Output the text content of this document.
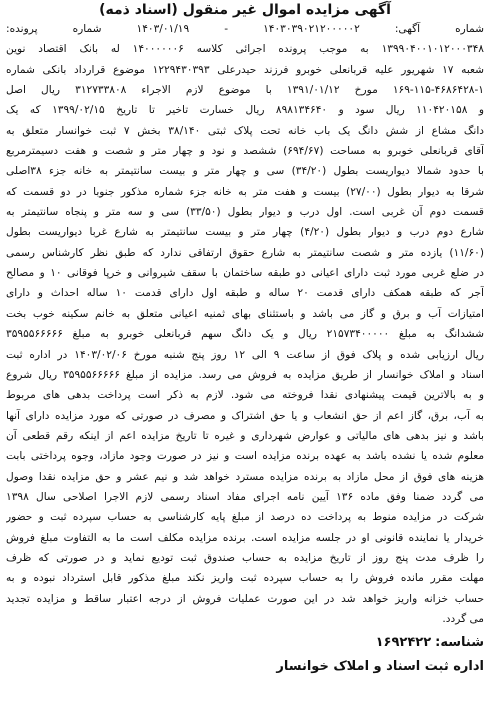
آگهی مزایده اموال غیر منقول (اسناد ذمه)
شماره آگهی: ۱۴۰۳۰۳۹۰۲۱۲۰۰۰۰۰۲ - ۱۴۰۳/۰۱/۱۹ شماره پرونده:
۱۳۹۹۰۴۰۰۱۰۱۲۰۰۰۳۴۸ به موجب پرونده اجرائی کلاسه ۱۴۰۰۰۰۰۰۶ له بانک اقتصاد نوین
شعبه ۱۷ شهریور علیه قربانعلی خوبرو فرزند حیدرعلی ۱۲۲۹۴۳۰۳۹۳ موضوع قرارداد بانکی شماره
۱۶۹-۱۱۵-۴۶۸۶۴۲۸-۱ مورخ ۱۳۹۱/۰۱/۱۲ با موضوع لازم الاجراء ۳۱۲۷۳۳۸۰۸ ریال اصل
و ۱۱۰۴۲۰۱۵۸ ریال سود و ۸۹۸۱۳۴۶۴۰ ریال خسارت تاخیر تا تاریخ ۱۳۹۹/۰۲/۱۵ که یک
دانگ مشاع از شش دانگ یک باب خانه تحت پلاک ثبتی ۳۸/۱۴۰ بخش ۷ ثبت خوانسار متعلق به
آقای قربانعلی خوبرو به مساحت (۶۹۴/۶۷) ششصد و نود و چهار متر و شصت و هفت دسیمترمربع
با حدود شمالا دیواریست بطول (۳۴/۲۰) سی و چهار متر و بیست سانتیمتر به خانه جزء ۳۸اصلی
شرقا به دیوار بطول (۲۷/۰۰) بیست و هفت متر به خانه جزء شماره مذکور جنوبا در دو قسمت که
قسمت دوم آن غربی است. اول درب و دیوار بطول (۳۳/۵۰) سی و سه متر و پنجاه سانتیمتر به
شارع دوم درب و دیوار بطول (۴/۲۰) چهار متر و بیست سانتیمتر به شارع غربا دیواریست بطول
(۱۱/۶۰) یازده متر و شصت سانتیمتر به شارع حقوق ارتفاقی ندارد که طبق نظر کارشناس رسمی
در ضلع غربی مورد ثبت دارای اعیانی دو طبقه ساختمان با سقف شیروانی و خرپا فوقانی ۱۰ و مصالح
آجر که طبقه همکف دارای قدمت ۲۰ ساله و طبقه اول دارای قدمت ۱۰ ساله احداث و دارای
امتیازات آب و برق و گاز می باشد و باستثنای بهای ثمنیه اعیانی متعلق به خانم سکینه خوب بخت
ششدانگ به مبلغ ۲۱۵۷۳۴۰۰۰۰۰ ریال و یک دانگ سهم قربانعلی خوبرو به مبلغ ۳۵۹۵۵۶۶۶۶۶
ریال ارزیابی شده و پلاک فوق از ساعت ۹ الی ۱۲ روز پنج شنبه مورخ ۱۴۰۳/۰۲/۰۶ در اداره ثبت
اسناد و املاک خوانسار از طریق مزایده به فروش می رسد. مزایده از مبلغ ۳۵۹۵۵۶۶۶۶۶ ریال شروع
و به بالاترین قیمت پیشنهادی نقدا فروخته می شود. لازم به ذکر است پرداخت بدهی های مربوط
به آب، برق، گاز اعم از حق انشعاب و یا حق اشتراک و مصرف در صورتی که مورد مزایده دارای آنها
باشد و نیز بدهی های مالیاتی و عوارض شهرداری و غیره تا تاریخ مزایده اعم از اینکه رقم قطعی آن
معلوم شده یا نشده باشد به عهده برنده مزایده است و نیز در صورت وجود مازاد، وجوه پرداختی بابت
هزینه های فوق از محل مازاد به برنده مزایده مسترد خواهد شد و نیم عشر و حق مزایده نقدا وصول
می گردد ضمنا وفق ماده ۱۳۶ آیین نامه اجرای مفاد اسناد رسمی لازم الاجرا اصلاحی سال ۱۳۹۸
شرکت در مزایده منوط به پرداخت ده درصد از مبلغ پایه کارشناسی به حساب سپرده ثبت و حضور
خریدار یا نماینده قانونی او در جلسه مزایده است. برنده مزایده مکلف است ما به التفاوت مبلغ فروش
را ظرف مدت پنج روز از تاریخ مزایده به حساب صندوق ثبت تودیع نماید و در صورتی که ظرف
مهلت مقرر مانده فروش را به حساب سپرده ثبت واریز نکند مبلغ مذکور قابل استرداد نبوده و به
حساب خزانه واریز خواهد شد در این صورت عملیات فروش از درجه اعتبار ساقط و مزایده تجدید
می گردد.
شناسه:۱۶۹۲۴۲۲
اداره ثبت اسناد و املاک خوانسار
